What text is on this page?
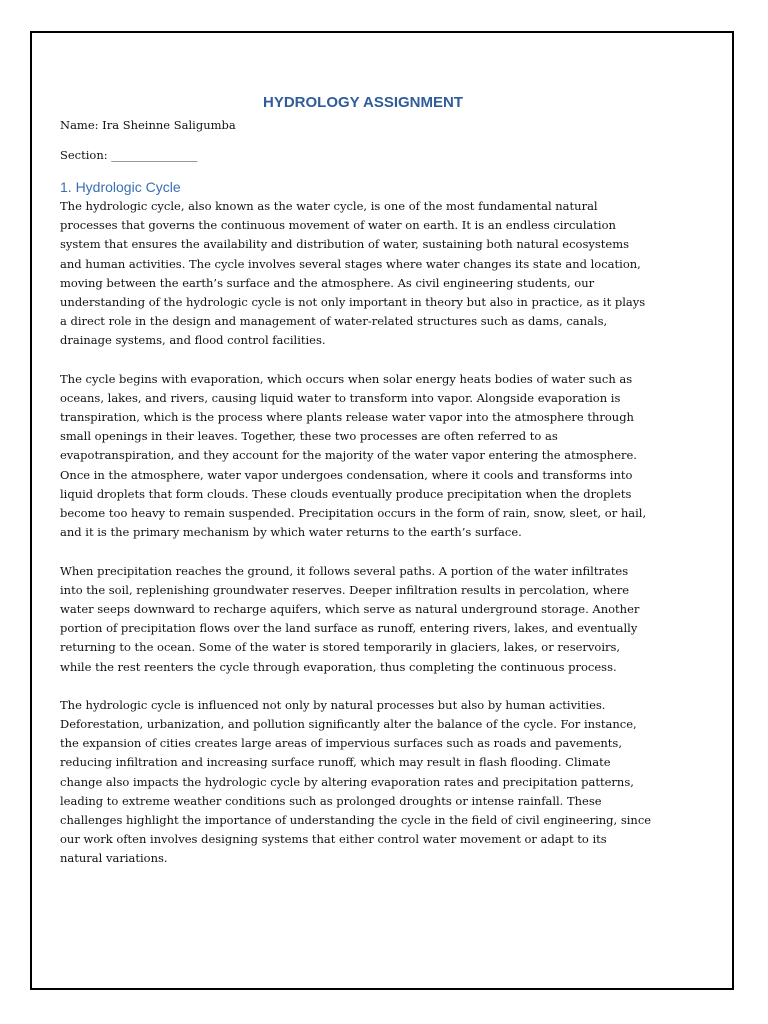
HYDROLOGY ASSIGNMENT

Name: Ira Sheinne Saligumba

Section: _______________

1. Hydrologic Cycle
The hydrologic cycle, also known as the water cycle, is one of the most fundamental natural
processes that governs the continuous movement of water on earth. It is an endless circulation
system that ensures the availability and distribution of water, sustaining both natural ecosystems
and human activities. The cycle involves several stages where water changes its state and location,
moving between the earth’s surface and the atmosphere. As civil engineering students, our
understanding of the hydrologic cycle is not only important in theory but also in practice, as it plays
a direct role in the design and management of water-related structures such as dams, canals,
drainage systems, and flood control facilities.
The cycle begins with evaporation, which occurs when solar energy heats bodies of water such as
oceans, lakes, and rivers, causing liquid water to transform into vapor. Alongside evaporation is
transpiration, which is the process where plants release water vapor into the atmosphere through
small openings in their leaves. Together, these two processes are often referred to as
evapotranspiration, and they account for the majority of the water vapor entering the atmosphere.
Once in the atmosphere, water vapor undergoes condensation, where it cools and transforms into
liquid droplets that form clouds. These clouds eventually produce precipitation when the droplets
become too heavy to remain suspended. Precipitation occurs in the form of rain, snow, sleet, or hail,
and it is the primary mechanism by which water returns to the earth’s surface.
When precipitation reaches the ground, it follows several paths. A portion of the water infiltrates
into the soil, replenishing groundwater reserves. Deeper infiltration results in percolation, where
water seeps downward to recharge aquifers, which serve as natural underground storage. Another
portion of precipitation flows over the land surface as runoff, entering rivers, lakes, and eventually
returning to the ocean. Some of the water is stored temporarily in glaciers, lakes, or reservoirs,
while the rest reenters the cycle through evaporation, thus completing the continuous process.
The hydrologic cycle is influenced not only by natural processes but also by human activities.
Deforestation, urbanization, and pollution significantly alter the balance of the cycle. For instance,
the expansion of cities creates large areas of impervious surfaces such as roads and pavements,
reducing infiltration and increasing surface runoff, which may result in flash flooding. Climate
change also impacts the hydrologic cycle by altering evaporation rates and precipitation patterns,
leading to extreme weather conditions such as prolonged droughts or intense rainfall. These
challenges highlight the importance of understanding the cycle in the field of civil engineering, since
our work often involves designing systems that either control water movement or adapt to its
natural variations.
